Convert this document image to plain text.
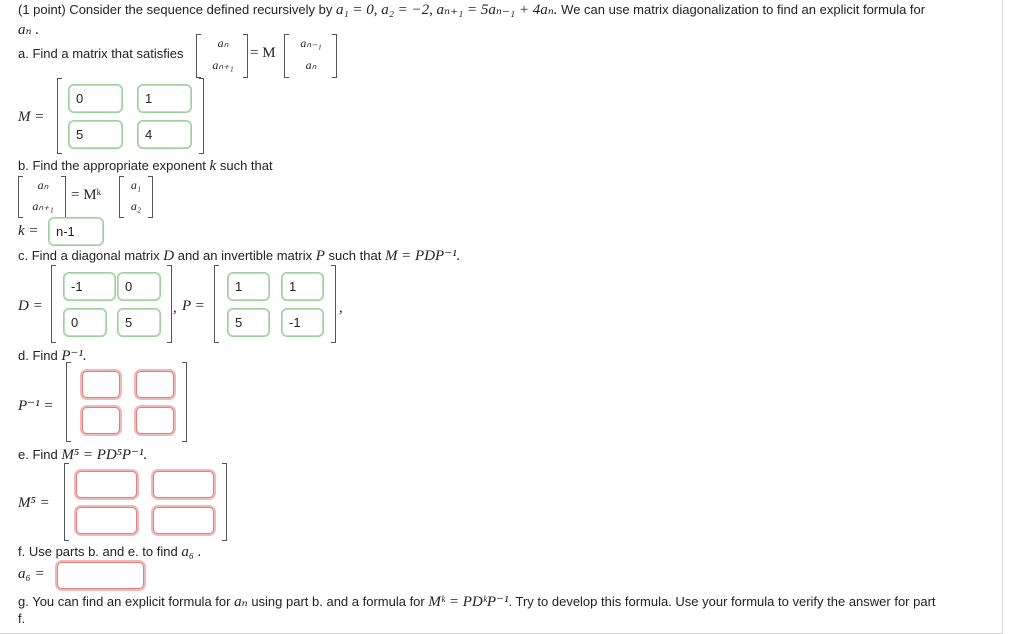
(1 point) Consider the sequence defined recursively by a₁ = 0, a₂ = −2, aₙ₊₁ = 5aₙ₋₁ + 4aₙ. We can use matrix diagonalization to find an explicit formula for
aₙ .
a. Find a matrix that satisfies
aₙ
aₙ₊₁
= M
aₙ₋₁
aₙ
M =
0	1
5	4
b. Find the appropriate exponent k such that
aₙ
aₙ₊₁
= Mᵏ
a₁
a₂
k =	n-1
c. Find a diagonal matrix D and an invertible matrix P such that M = PDP⁻¹.
D =
-1	0
0	5
, P =
1	1
5	-1
,
d. Find P⁻¹.
P⁻¹ =
e. Find M⁵ = PD⁵P⁻¹.
M⁵ =
f. Use parts b. and e. to find a₆ .
a₆ =
g. You can find an explicit formula for aₙ using part b. and a formula for Mᵏ = PDᵏP⁻¹. Try to develop this formula. Use your formula to verify the answer for part
f.
